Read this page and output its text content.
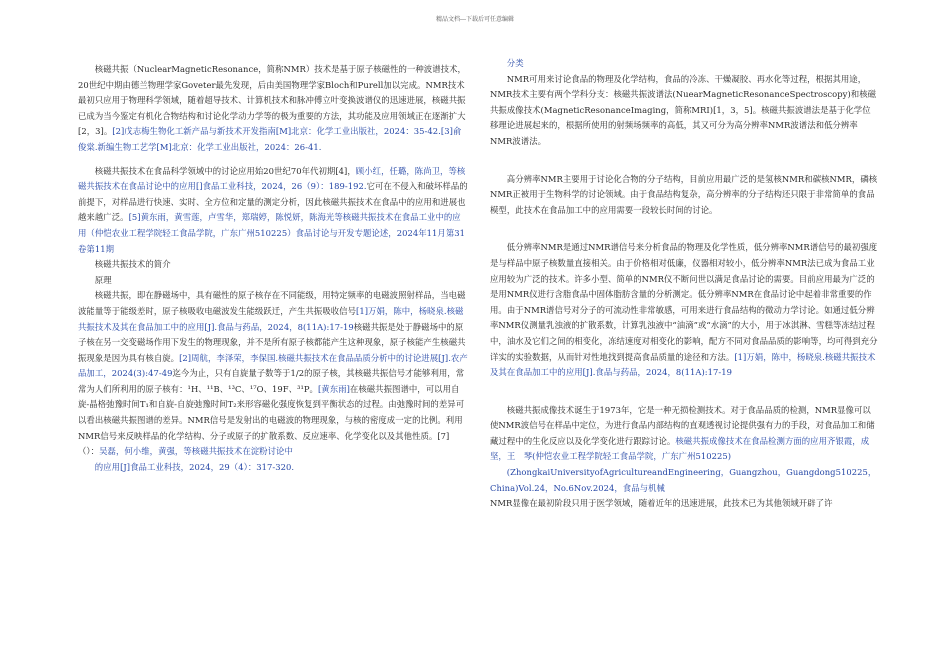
精品文档---下载后可任意编辑

核磁共振（NuclearMagneticResonance，简称NMR）技术是基于原子核磁性的一种波谱技术，20世纪中期由德兰物理学家Goveter最先发现，后由美国物理学家Bloch和Purell加以完成。NMR技术最初只应用于物理科学领域，随着超导技术、计算机技术和脉冲傅立叶变换波谱仪的迅速进展，核磁共振已成为当今鉴定有机化合物结构和讨论化学动力学等的极为重要的方法，其功能及应用领域正在逐渐扩大[2，3]。[2]戊志梅生物化工新产品与新技术开发指南[M]北京：化学工业出版社，2024：35-42.[3]俞俊棠.新编生物工艺学[M]北京：化学工业出版社，2024：26-41.

核磁共振技术在食品科学领域中的讨论应用始20世纪70年代初期[4]，顾小红，任璐，陈尚卫，等核磁共振技术在食品讨论中的应用[]食品工业科技，2024，26（9）：189-192.它可在不侵入和破坏样品的前提下，对样品进行快速、实时、全方位和定量的测定分析，因此核磁共振技术在食品中的应用和进展也越来越广泛。[5]黄东雨，黄雪莲，卢雪华，郑瑞婷，陈悦妍，陈海光等核磁共振技术在食品工业中的应用（仲恺农业工程学院轻工食品学院，广东广州510225）食品讨论与开发专题论述，2024年11月第31卷第11期

核磁共振技术的简介

原理

核磁共振，即在静磁场中，具有磁性的原子核存在不同能级，用特定频率的电磁波照射样品，当电磁波能量等于能级差时，原子核吸收电磁波发生能级跃迁，产生共振吸收信号[1]万娟，陈中，杨晓泉.核磁共振技术及其在食品加工中的应用[J].食品与药品，2024，8(11A):17-19核磁共振是处于静磁场中的原子核在另一交变磁场作用下发生的物理现象，并不是所有原子核都能产生这种现象，原子核能产生核磁共振现象是因为具有核自旋。[2]周航，李泽荣，李保国.核磁共振技术在食品品质分析中的讨论进展[J].农产品加工，2024(3):47-49迄今为止，只有自旋量子数等于1/2的原子核，其核磁共振信号才能够利用，常常为人们所利用的原子核有：¹H、¹¹B、¹³C、¹⁷O、19F、³¹P。[黄东雨]在核磁共振图谱中，可以用自旋-晶格弛豫时间T₁和自旋-自旋弛豫时间T₂来形容磁化强度恢复到平衡状态的过程。由弛豫时间的差异可以看出核磁共振图谱的差异。NMR信号是发射出的电磁波的物理现象，与核的密度成一定的比例。利用NMR信号来反映样品的化学结构、分子或原子的扩散系数、反应速率、化学变化以及其他性质。[7]（）：吴磊，何小维，黄强，等核磁共振技术在淀粉讨论中

的应用[J]食品工业科技，2024，29（4）：317-320.

分类

NMR可用来讨论食品的物理及化学结构，食品的冷冻、干燥凝胶、再水化等过程，根据其用途，NMR技术主要有两个学科分支：核磁共振波谱法(NuearMagneticResonanceSpectroscopy)和核磁共振成像技术(MagneticResonanceImaging，简称MRI)[1，3，5]。核磁共振波谱法是基于化学位移理论进展起来的，根据所使用的射频场频率的高低，其又可分为高分辨率NMR波谱法和低分辨率NMR波谱法。

高分辨率NMR主要用于讨论化合物的分子结构，目前应用最广泛的是氢核NMR和碳核NMR，磷核NMR正被用于生物科学的讨论领域。由于食品结构复杂，高分辨率的分子结构还只限于非常简单的食品模型，此技术在食品加工中的应用需要一段较长时间的讨论。

低分辨率NMR是通过NMR谱信号来分析食品的物理及化学性质，低分辨率NMR谱信号的最初强度是与样品中原子核数量直接相关。由于价格相对低廉，仪器相对较小，低分辨率NMR法已成为食品工业应用较为广泛的技术。许多小型、简单的NMR仪不断问世以满足食品讨论的需要。目前应用最为广泛的是用NMR仪进行含脂食品中固体脂肪含量的分析测定。低分辨率NMR在食品讨论中起着非常重要的作用。由于NMR谱信号对分子的可流动性非常敏感，可用来进行食品结构的微动力学讨论。如通过低分辨率NMR仪测量乳浊液的扩散系数，计算乳浊液中“油滴”或“水滴”的大小，用于冰淇淋、雪糕等冻结过程中，油水及它们之间的相变化，冻结速度对相变化的影响，配方不同对食品品质的影响等，均可得到充分详实的实验数据，从而针对性地找到提高食品质量的途径和方法。[1]万娟，陈中，杨晓泉.核磁共振技术及其在食品加工中的应用[J].食品与药品，2024，8(11A):17-19

核磁共振成像技术诞生于1973年，它是一种无损检测技术。对于食品品质的检测，NMR显像可以使NMR波信号在样品中定位，为进行食品内部结构的直观透视讨论提供强有力的手段，对食品加工和储藏过程中的生化反应以及化学变化进行跟踪讨论。核磁共振成像技术在食品检测方面的应用齐银霞，成　坚，王　琴(仲恺农业工程学院轻工食品学院，广东广州510225)

(ZhongkaiUniversityofAgricultureandEngineering，Guangzhou，Guangdong510225，China)Vol.24，No.6Nov.2024，食品与机械

NMR显像在最初阶段只用于医学领域，随着近年的迅速进展，此技术已为其他领域开辟了许
